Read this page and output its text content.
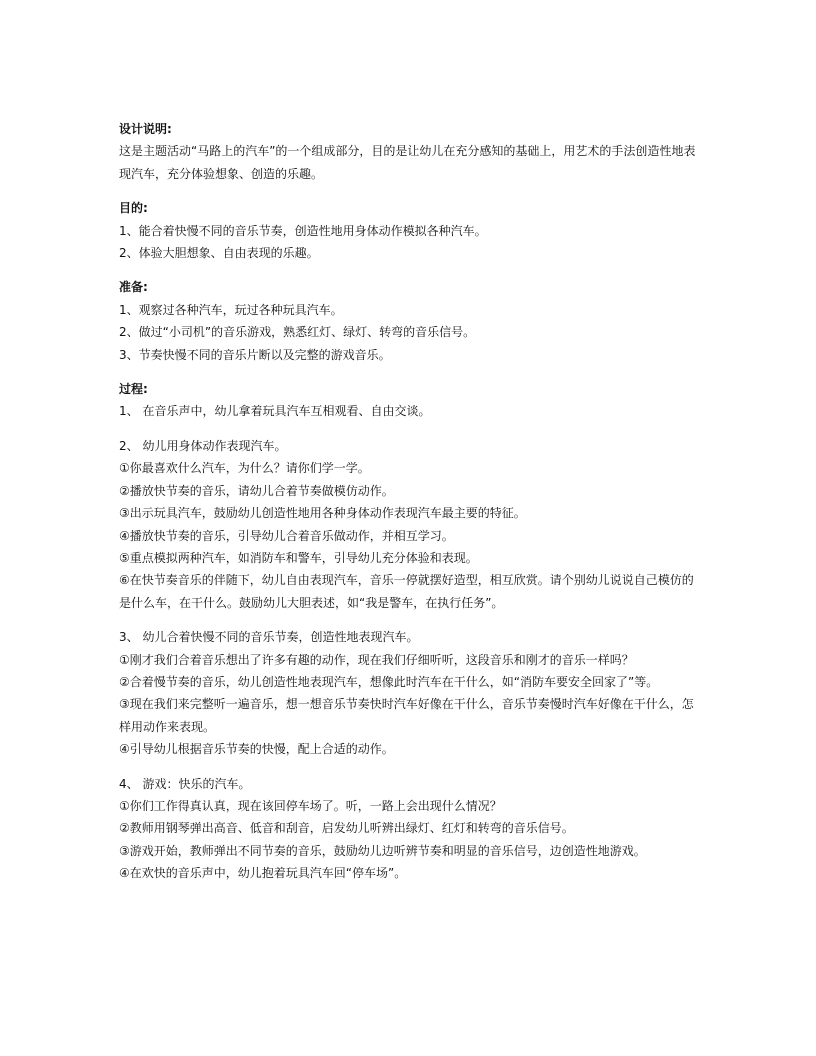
设计说明:

这是主题活动“马路上的汽车”的一个组成部分，目的是让幼儿在充分感知的基础上，用艺术的手法创造性地表现汽车，充分体验想象、创造的乐趣。

目的:
1、能合着快慢不同的音乐节奏，创造性地用身体动作模拟各种汽车。
2、体验大胆想象、自由表现的乐趣。
准备:
1、观察过各种汽车，玩过各种玩具汽车。
2、做过“小司机”的音乐游戏，熟悉红灯、绿灯、转弯的音乐信号。
3、节奏快慢不同的音乐片断以及完整的游戏音乐。
过程:
1、 在音乐声中，幼儿拿着玩具汽车互相观看、自由交谈。
2、 幼儿用身体动作表现汽车。
①你最喜欢什么汽车，为什么？请你们学一学。
②播放快节奏的音乐，请幼儿合着节奏做模仿动作。
③出示玩具汽车，鼓励幼儿创造性地用各种身体动作表现汽车最主要的特征。
④播放快节奏的音乐，引导幼儿合着音乐做动作，并相互学习。
⑤重点模拟两种汽车，如消防车和警车，引导幼儿充分体验和表现。
⑥在快节奏音乐的伴随下，幼儿自由表现汽车，音乐一停就摆好造型，相互欣赏。请个别幼儿说说自己模仿的是什么车，在干什么。鼓励幼儿大胆表述，如“我是警车，在执行任务”。
3、 幼儿合着快慢不同的音乐节奏，创造性地表现汽车。
①刚才我们合着音乐想出了许多有趣的动作，现在我们仔细听听，这段音乐和刚才的音乐一样吗？
②合着慢节奏的音乐，幼儿创造性地表现汽车，想像此时汽车在干什么，如“消防车要安全回家了”等。
③现在我们来完整听一遍音乐，想一想音乐节奏快时汽车好像在干什么，音乐节奏慢时汽车好像在干什么，怎样用动作来表现。
④引导幼儿根据音乐节奏的快慢，配上合适的动作。
4、 游戏：快乐的汽车。
①你们工作得真认真，现在该回停车场了。听，一路上会出现什么情况？
②教师用钢琴弹出高音、低音和刮音，启发幼儿听辨出绿灯、红灯和转弯的音乐信号。
③游戏开始，教师弹出不同节奏的音乐，鼓励幼儿边听辨节奏和明显的音乐信号，边创造性地游戏。
④在欢快的音乐声中，幼儿抱着玩具汽车回“停车场”。
